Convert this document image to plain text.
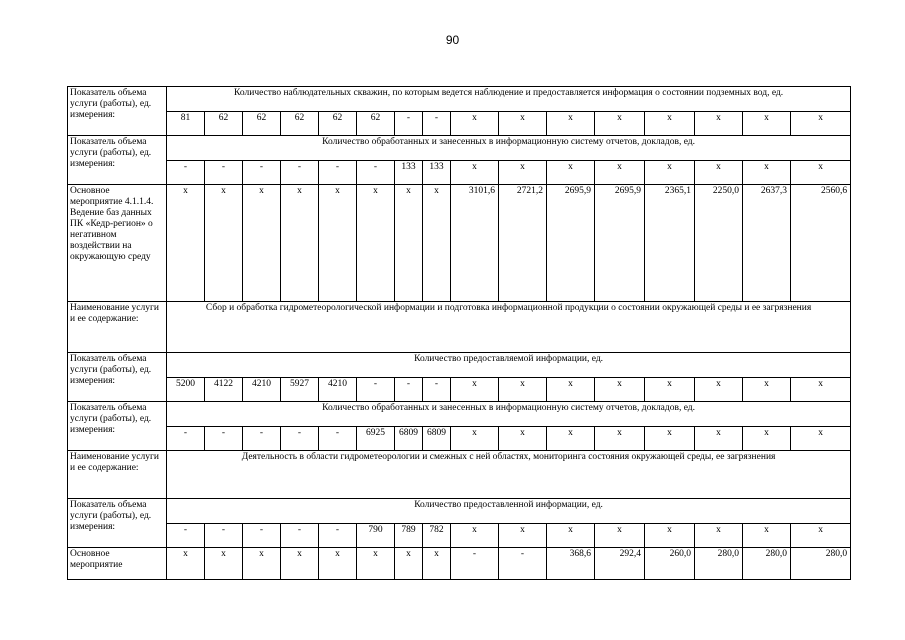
90
Показатель объема услуги (работы), ед. измерения:	Количество наблюдательных скважин, по которым ведется наблюдение и предоставляется информация о состоянии подземных вод, ед.															
	81	62	62	62	62	62	-	-	х	х	х	х	х	х	х	х
Показатель объема услуги (работы), ед. измерения:	Количество обработанных и занесенных в информационную систему отчетов, докладов, ед.															
	-	-	-	-	-	-	133	133	х	х	х	х	х	х	х	х
Основное мероприятие 4.1.1.4. Ведение баз данных ПК «Кедр-регион» о негативном воздействии на окружающую среду	х	х	х	х	х	х	х	х	3101,6	2721,2	2695,9	2695,9	2365,1	2250,0	2637,3	2560,6
Наименование услуги и ее содержание:	Сбор и обработка гидрометеорологической информации и подготовка информационной продукции о состоянии окружающей среды и ее загрязнения															
Показатель объема услуги (работы), ед. измерения:	Количество предоставляемой информации, ед.															
	5200	4122	4210	5927	4210	-	-	-	х	х	х	х	х	х	х	х
Показатель объема услуги (работы), ед. измерения:	Количество обработанных и занесенных в информационную систему отчетов, докладов, ед.															
	-	-	-	-	-	6925	6809	6809	х	х	х	х	х	х	х	х
Наименование услуги и ее содержание:	Деятельность в области гидрометеорологии и смежных с ней областях, мониторинга состояния окружающей среды, ее загрязнения															
Показатель объема услуги (работы), ед. измерения:	Количество предоставленной информации, ед.															
	-	-	-	-	-	790	789	782	х	х	х	х	х	х	х	х
Основное мероприятие	х	х	х	х	х	х	х	х	-	-	368,6	292,4	260,0	280,0	280,0	280,0
